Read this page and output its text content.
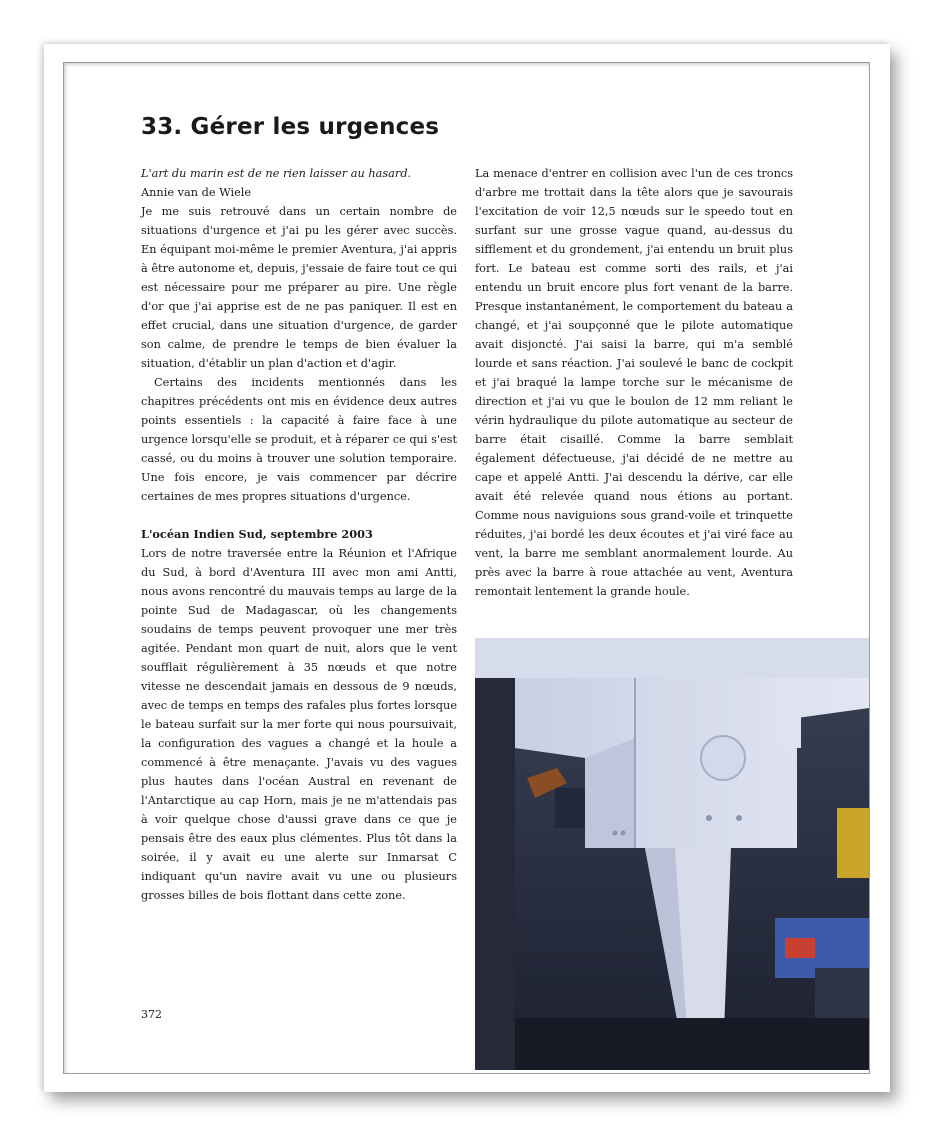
33. Gérer les urgences

L'art du marin est de ne rien laisser au hasard.

Annie van de Wiele

Je me suis retrouvé dans un certain nombre de situations d'urgence et j'ai pu les gérer avec succès. En équipant moi-même le premier Aventura, j'ai appris à être autonome et, depuis, j'essaie de faire tout ce qui est nécessaire pour me préparer au pire. Une règle d'or que j'ai apprise est de ne pas paniquer. Il est en effet crucial, dans une situation d'urgence, de garder son calme, de prendre le temps de bien évaluer la situation, d'établir un plan d'action et d'agir.

Certains des incidents mentionnés dans les chapitres précédents ont mis en évidence deux autres points essentiels : la capacité à faire face à une urgence lorsqu'elle se produit, et à réparer ce qui s'est cassé, ou du moins à trouver une solution temporaire. Une fois encore, je vais commencer par décrire certaines de mes propres situations d'urgence.

L'océan Indien Sud, septembre 2003

Lors de notre traversée entre la Réunion et l'Afrique du Sud, à bord d'Aventura III avec mon ami Antti, nous avons rencontré du mauvais temps au large de la pointe Sud de Madagascar, où les changements soudains de temps peuvent provoquer une mer très agitée. Pendant mon quart de nuit, alors que le vent soufflait régulièrement à 35 nœuds et que notre vitesse ne descendait jamais en dessous de 9 nœuds, avec de temps en temps des rafales plus fortes lorsque le bateau surfait sur la mer forte qui nous poursuivait, la configuration des vagues a changé et la houle a commencé à être menaçante. J'avais vu des vagues plus hautes dans l'océan Austral en revenant de l'Antarctique au cap Horn, mais je ne m'attendais pas à voir quelque chose d'aussi grave dans ce que je pensais être des eaux plus clémentes. Plus tôt dans la soirée, il y avait eu une alerte sur Inmarsat C indiquant qu'un navire avait vu une ou plusieurs grosses billes de bois flottant dans cette zone.

La menace d'entrer en collision avec l'un de ces troncs d'arbre me trottait dans la tête alors que je savourais l'excitation de voir 12,5 nœuds sur le speedo tout en surfant sur une grosse vague quand, au-dessus du sifflement et du grondement, j'ai entendu un bruit plus fort. Le bateau est comme sorti des rails, et j'ai entendu un bruit encore plus fort venant de la barre. Presque instantanément, le comportement du bateau a changé, et j'ai soupçonné que le pilote automatique avait disjoncté. J'ai saisi la barre, qui m'a semblé lourde et sans réaction. J'ai soulevé le banc de cockpit et j'ai braqué la lampe torche sur le mécanisme de direction et j'ai vu que le boulon de 12 mm reliant le vérin hydraulique du pilote automatique au secteur de barre était cisaillé. Comme la barre semblait également défectueuse, j'ai décidé de ne mettre au cape et appelé Antti. J'ai descendu la dérive, car elle avait été relevée quand nous étions au portant. Comme nous naviguions sous grand-voile et trinquette réduites, j'ai bordé les deux écoutes et j'ai viré face au vent, la barre me semblant anormalement lourde. Au près avec la barre à roue attachée au vent, Aventura remontait lentement la grande houle.

372
